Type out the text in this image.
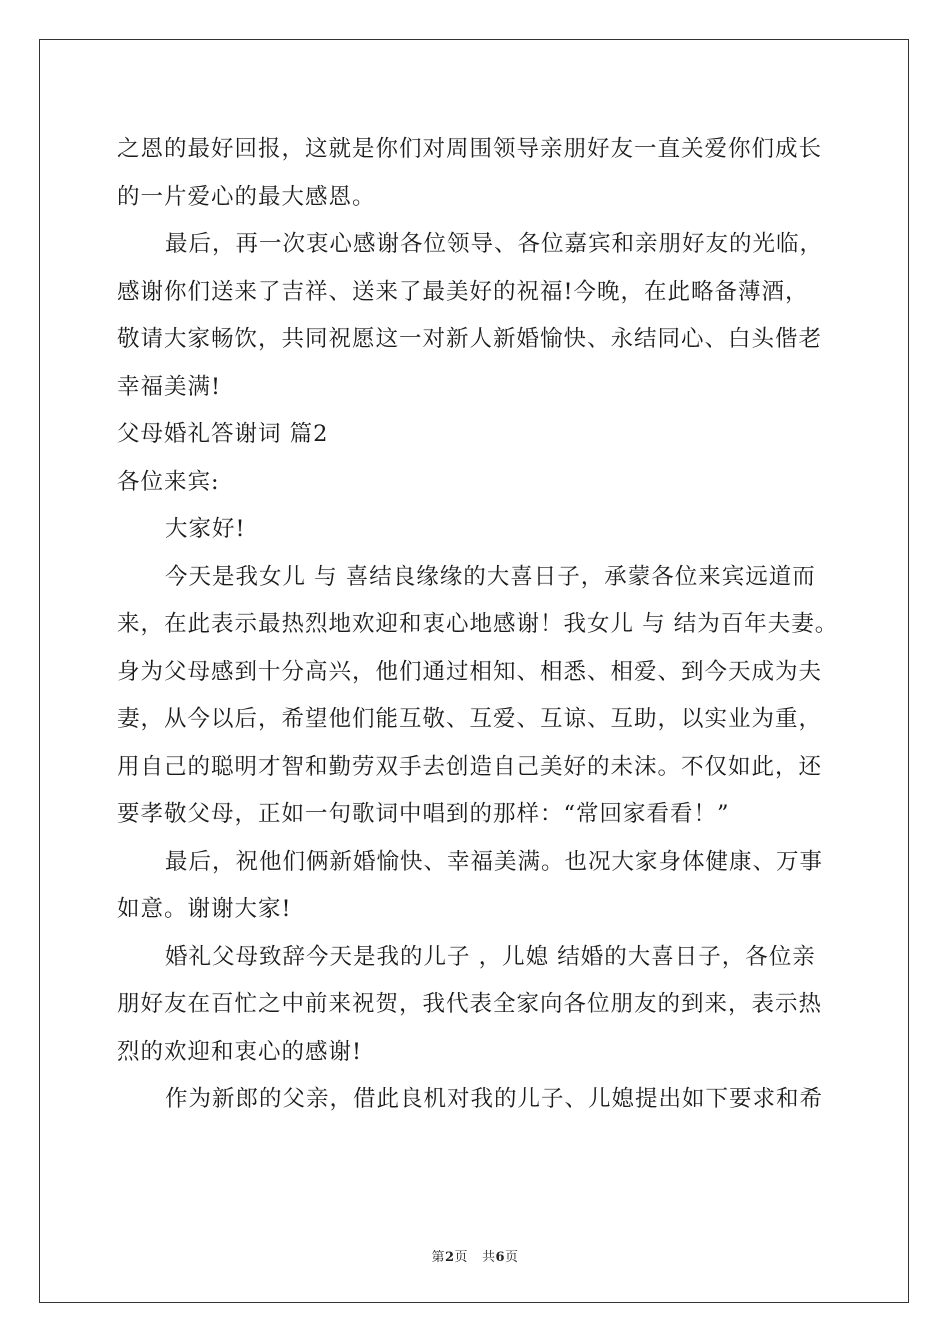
之恩的最好回报，这就是你们对周围领导亲朋好友一直关爱你们成长
的一片爱心的最大感恩。
最后，再一次衷心感谢各位领导、各位嘉宾和亲朋好友的光临，
感谢你们送来了吉祥、送来了最美好的祝福!今晚，在此略备薄酒，
敬请大家畅饮，共同祝愿这一对新人新婚愉快、永结同心、白头偕老
幸福美满!
父母婚礼答谢词 篇2
各位来宾:
大家好!
今天是我女儿 与 喜结良缘缘的大喜日子，承蒙各位来宾远道而
来，在此表示最热烈地欢迎和衷心地感谢！我女儿 与 结为百年夫妻。
身为父母感到十分高兴，他们通过相知、相悉、相爱、到今天成为夫
妻，从今以后，希望他们能互敬、互爱、互谅、互助，以实业为重，
用自己的聪明才智和勤劳双手去创造自己美好的未沫。不仅如此，还
要孝敬父母，正如一句歌词中唱到的那样：“常回家看看！”
最后，祝他们俩新婚愉快、幸福美满。也况大家身体健康、万事
如意。谢谢大家!
婚礼父母致辞今天是我的儿子 ，儿媳 结婚的大喜日子，各位亲
朋好友在百忙之中前来祝贺，我代表全家向各位朋友的到来，表示热
烈的欢迎和衷心的感谢!
作为新郎的父亲，借此良机对我的儿子、儿媳提出如下要求和希
第2页 共6页
